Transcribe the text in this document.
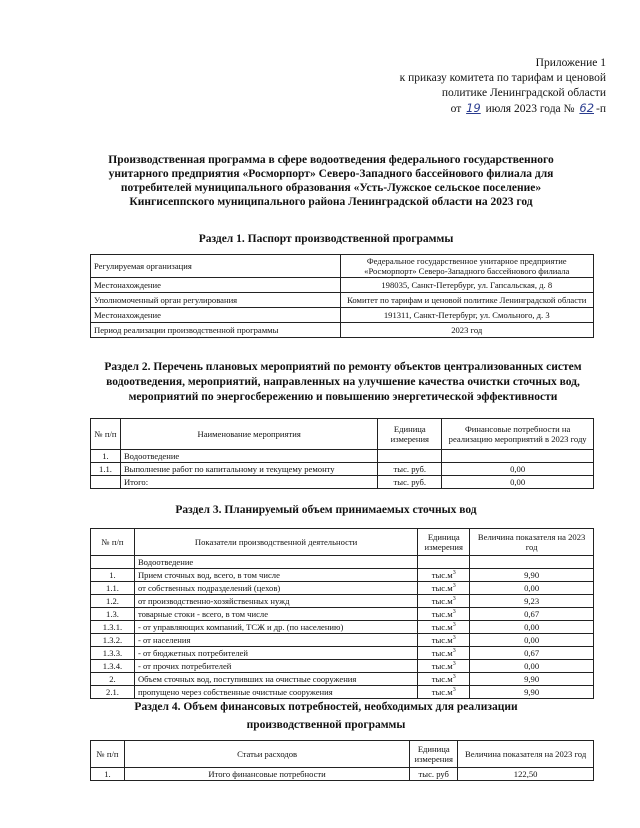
Приложение 1
к приказу комитета по тарифам и ценовой
политике Ленинградской области
от 19 июля 2023 года № 62 -п
Производственная программа в сфере водоотведения федерального государственного унитарного предприятия «Росморпорт» Северо-Западного бассейнового филиала для потребителей муниципального образования «Усть-Лужское сельское поселение» Кингисеппского муниципального района Ленинградской области на 2023 год
Раздел 1. Паспорт производственной программы
Регулируемая организация	Федеральное государственное унитарное предприятие «Росморпорт» Северо-Западного бассейнового филиала
Местонахождение	198035, Санкт-Петербург, ул. Гапсальская, д. 8
Уполномоченный орган регулирования	Комитет по тарифам и ценовой политике Ленинградской области
Местонахождение	191311, Санкт-Петербург, ул. Смольного, д. 3
Период реализации производственной программы	2023 год
Раздел 2. Перечень плановых мероприятий по ремонту объектов централизованных систем водоотведения, мероприятий, направленных на улучшение качества очистки сточных вод, мероприятий по энергосбережению и повышению энергетической эффективности
№ п/п	Наименование мероприятия	Единица измерения	Финансовые потребности на реализацию мероприятий в 2023 году
1.	Водоотведение		
1.1.	Выполнение работ по капитальному и текущему ремонту	тыс. руб.	0,00
	Итого:	тыс. руб.	0,00
Раздел 3. Планируемый объем принимаемых сточных вод
№ п/п	Показатели производственной деятельности	Единица измерения	Величина показателя на 2023 год
	Водоотведение		
1.	Прием сточных вод, всего, в том числе	$тыс.м^3$	9,90
1.1.	от собственных подразделений (цехов)	$тыс.м^3$	0,00
1.2.	от производственно-хозяйственных нужд	$тыс.м^3$	9,23
1.3.	товарные стоки - всего, в том числе	$тыс.м^3$	0,67
1.3.1.	- от управляющих компаний, ТСЖ и др. (по населению)	$тыс.м^3$	0,00
1.3.2.	- от населения	$тыс.м^3$	0,00
1.3.3.	- от бюджетных потребителей	$тыс.м^3$	0,67
1.3.4.	- от прочих потребителей	$тыс.м^3$	0,00
2.	Объем сточных вод, поступивших на очистные сооружения	$тыс.м^3$	9,90
2.1.	пропущено через собственные очистные сооружения	$тыс.м^3$	9,90
Раздел 4. Объем финансовых потребностей, необходимых для реализации
производственной программы
№ п/п	Статьи расходов	Единица измерения	Величина показателя на 2023 год
1.	Итого финансовые потребности	тыс. руб	122,50
